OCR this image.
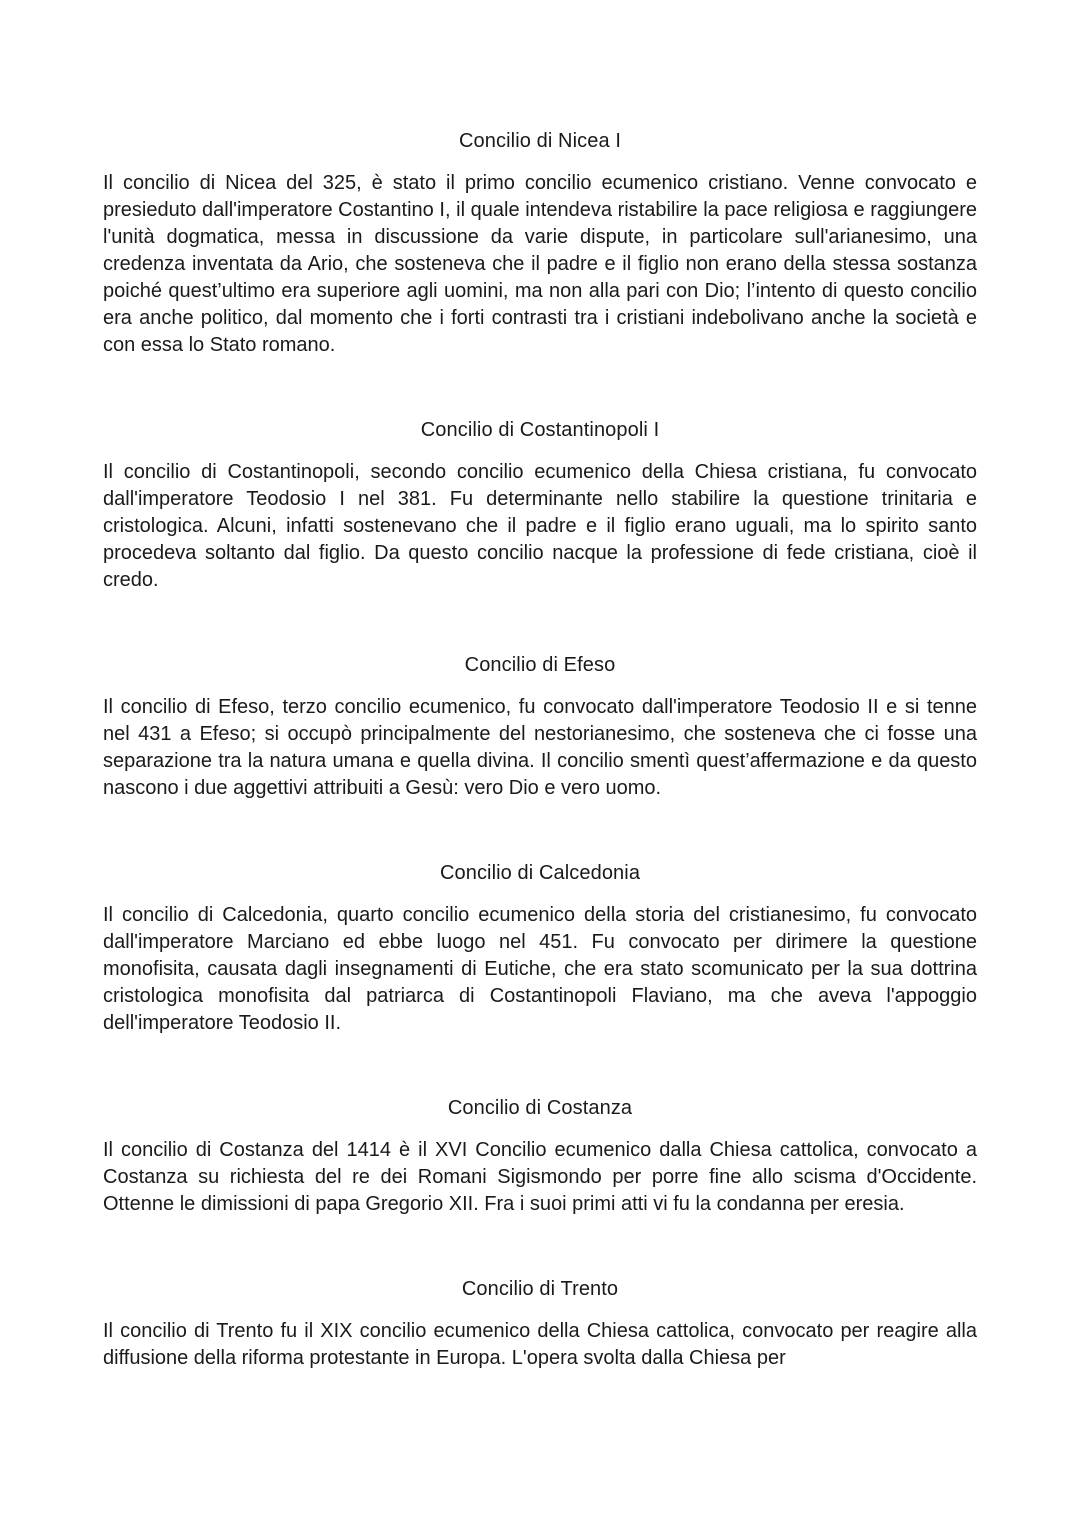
Concilio di Nicea I

Il concilio di Nicea del 325, è stato il primo concilio ecumenico cristiano. Venne convocato e presieduto dall'imperatore Costantino I, il quale intendeva ristabilire la pace religiosa e raggiungere l'unità dogmatica, messa in discussione da varie dispute, in particolare sull'arianesimo, una credenza inventata da Ario, che sosteneva che il padre e il figlio non erano della stessa sostanza poiché quest’ultimo era superiore agli uomini, ma non alla pari con Dio; l’intento di questo concilio era anche politico, dal momento che i forti contrasti tra i cristiani indebolivano anche la società e con essa lo Stato romano.

Concilio di Costantinopoli I

Il concilio di Costantinopoli, secondo concilio ecumenico della Chiesa cristiana, fu convocato dall'imperatore Teodosio I nel 381. Fu determinante nello stabilire la questione trinitaria e cristologica. Alcuni, infatti sostenevano che il padre e il figlio erano uguali, ma lo spirito santo procedeva soltanto dal figlio. Da questo concilio nacque la professione di fede cristiana, cioè il credo.

Concilio di Efeso

Il concilio di Efeso, terzo concilio ecumenico, fu convocato dall'imperatore Teodosio II e si tenne nel 431 a Efeso; si occupò principalmente del nestorianesimo, che sosteneva che ci fosse una separazione tra la natura umana e quella divina. Il concilio smentì quest’affermazione e da questo nascono i due aggettivi attribuiti a Gesù: vero Dio e vero uomo.

Concilio di Calcedonia

Il concilio di Calcedonia, quarto concilio ecumenico della storia del cristianesimo, fu convocato dall'imperatore Marciano ed ebbe luogo nel 451. Fu convocato per dirimere la questione monofisita, causata dagli insegnamenti di Eutiche, che era stato scomunicato per la sua dottrina cristologica monofisita dal patriarca di Costantinopoli Flaviano, ma che aveva l'appoggio dell'imperatore Teodosio II.

Concilio di Costanza

Il concilio di Costanza del 1414 è il XVI Concilio ecumenico dalla Chiesa cattolica, convocato a Costanza su richiesta del re dei Romani Sigismondo per porre fine allo scisma d'Occidente. Ottenne le dimissioni di papa Gregorio XII. Fra i suoi primi atti vi fu la condanna per eresia.

Concilio di Trento

Il concilio di Trento fu il XIX concilio ecumenico della Chiesa cattolica, convocato per reagire alla diffusione della riforma protestante in Europa. L'opera svolta dalla Chiesa per
